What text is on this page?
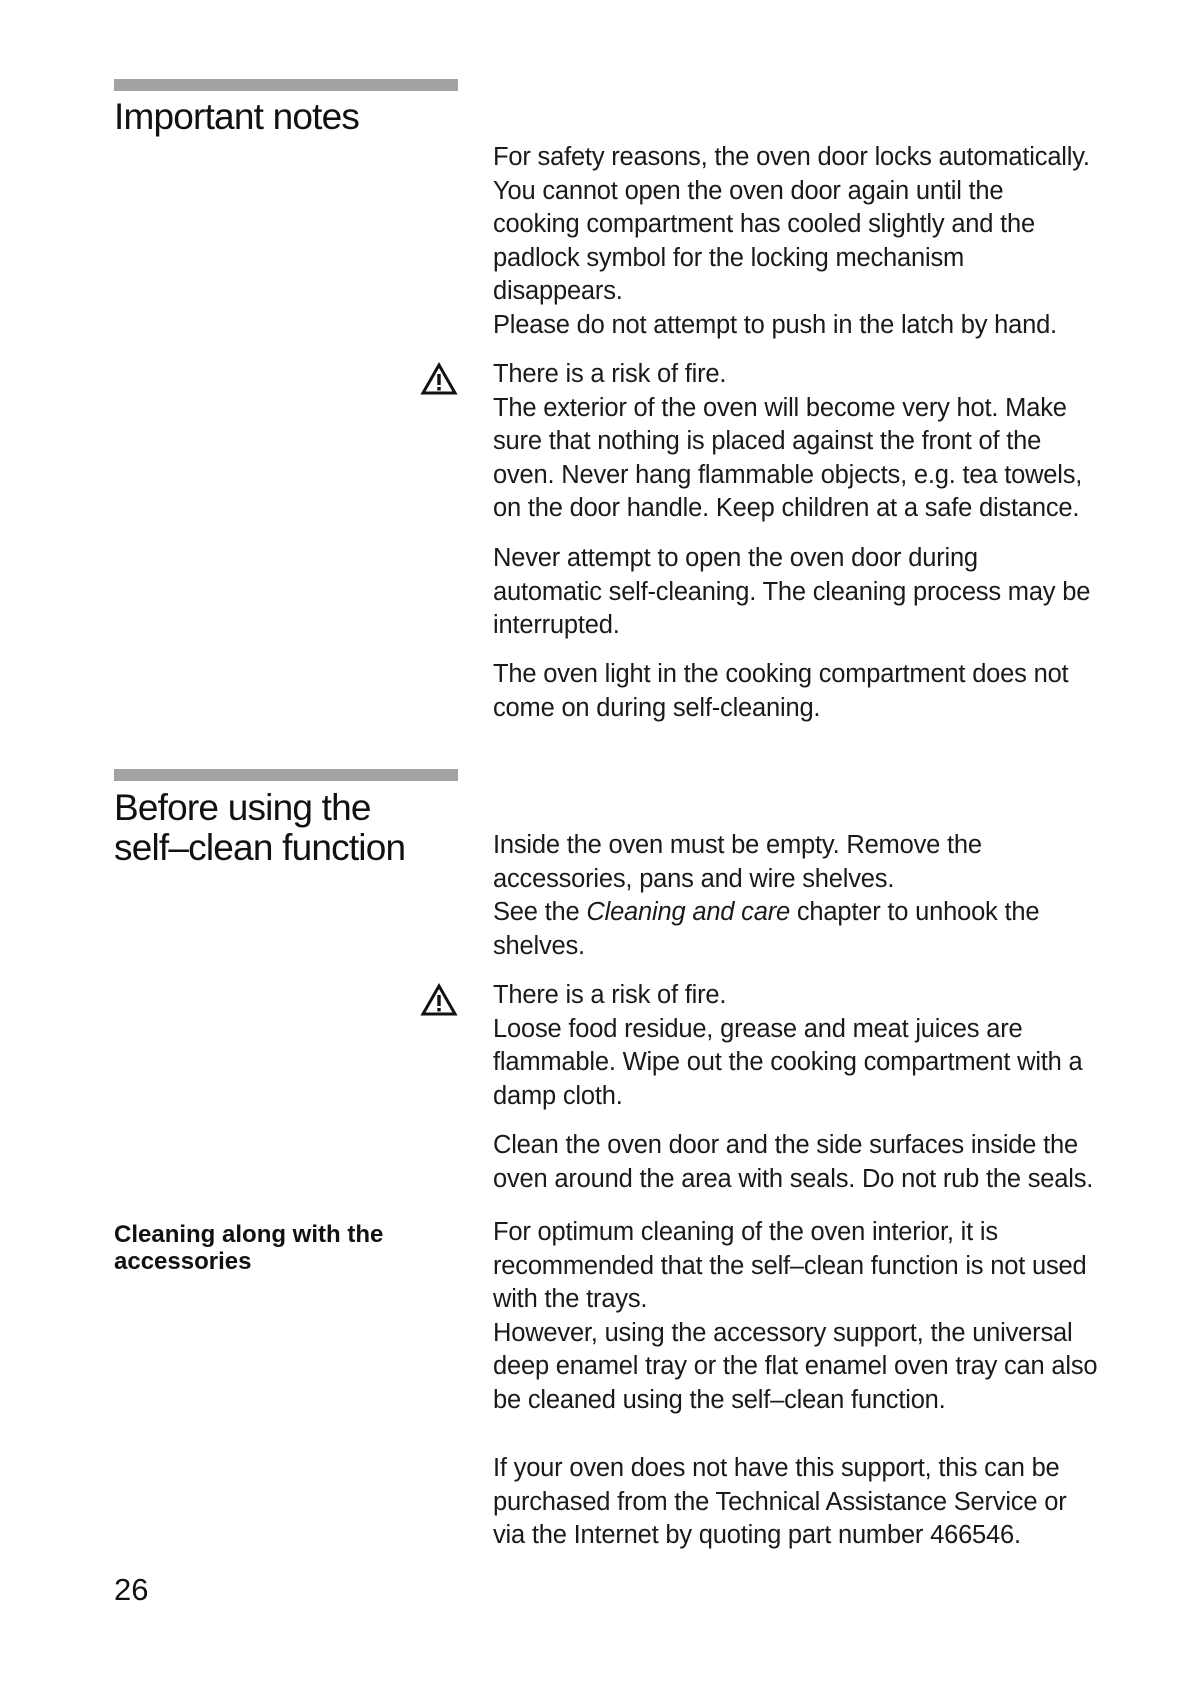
Important notes

For safety reasons, the oven door locks automatically.
You cannot open the oven door again until the
cooking compartment has cooled slightly and the
padlock symbol for the locking mechanism
disappears.
Please do not attempt to push in the latch by hand.

There is a risk of fire.
The exterior of the oven will become very hot. Make
sure that nothing is placed against the front of the
oven. Never hang flammable objects, e.g. tea towels,
on the door handle. Keep children at a safe distance.

Never attempt to open the oven door during
automatic self-cleaning. The cleaning process may be
interrupted.

The oven light in the cooking compartment does not
come on during self-cleaning.

Before using the
self–clean function	Inside the oven must be empty. Remove the
accessories, pans and wire shelves.
See the Cleaning and care chapter to unhook the
shelves.

There is a risk of fire.
Loose food residue, grease and meat juices are
flammable. Wipe out the cooking compartment with a
damp cloth.

Clean the oven door and the side surfaces inside the
oven around the area with seals. Do not rub the seals.

Cleaning along with the
accessories

For optimum cleaning of the oven interior, it is
recommended that the self–clean function is not used
with the trays.
However, using the accessory support, the universal
deep enamel tray or the flat enamel oven tray can also
be cleaned using the self–clean function.

If your oven does not have this support, this can be
purchased from the Technical Assistance Service or
via the Internet by quoting part number 466546.

26
